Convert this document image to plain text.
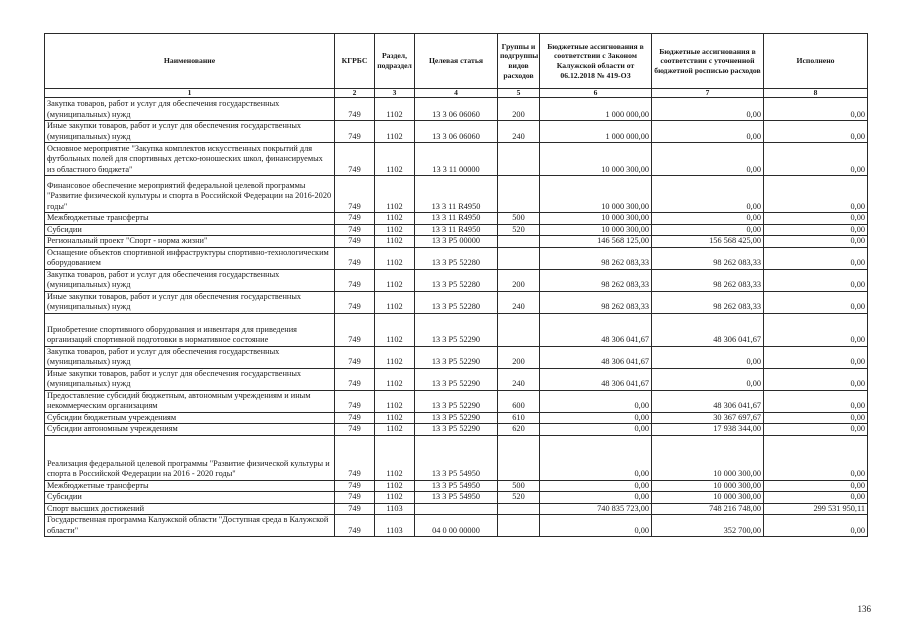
Наименование	КГРБС	Раздел, подраздел	Целевая статья	Группы и подгруппы видов расходов	Бюджетные ассигнования в соответствии с Законом Калужской области от 06.12.2018 № 419-ОЗ	Бюджетные ассигнования в соответствии с уточненной бюджетной росписью расходов	Исполнено
1	2	3	4	5	6	7	8
Закупка товаров, работ и услуг для обеспечения государственных (муниципальных) нужд	749	1102	13 3 06 06060	200	1 000 000,00	0,00	0,00
Иные закупки товаров, работ и услуг для обеспечения государственных (муниципальных) нужд	749	1102	13 3 06 06060	240	1 000 000,00	0,00	0,00
Основное мероприятие "Закупка комплектов искусственных покрытий для футбольных полей для спортивных детско-юношеских школ, финансируемых из областного бюджета"	749	1102	13 3 11 00000		10 000 300,00	0,00	0,00
Финансовое обеспечение мероприятий федеральной целевой программы "Развитие физической культуры и спорта в Российской Федерации на 2016-2020 годы"	749	1102	13 3 11 R4950		10 000 300,00	0,00	0,00
Межбюджетные трансферты	749	1102	13 3 11 R4950	500	10 000 300,00	0,00	0,00
Субсидии	749	1102	13 3 11 R4950	520	10 000 300,00	0,00	0,00
Региональный проект "Спорт - норма жизни"	749	1102	13 3 P5 00000		146 568 125,00	156 568 425,00	0,00
Оснащение объектов спортивной инфраструктуры спортивно-технологическим оборудованием	749	1102	13 3 P5 52280		98 262 083,33	98 262 083,33	0,00
Закупка товаров, работ и услуг для обеспечения государственных (муниципальных) нужд	749	1102	13 3 P5 52280	200	98 262 083,33	98 262 083,33	0,00
Иные закупки товаров, работ и услуг для обеспечения государственных (муниципальных) нужд	749	1102	13 3 P5 52280	240	98 262 083,33	98 262 083,33	0,00
Приобретение спортивного оборудования и инвентаря для приведения организаций спортивной подготовки в нормативное состояние	749	1102	13 3 P5 52290		48 306 041,67	48 306 041,67	0,00
Закупка товаров, работ и услуг для обеспечения государственных (муниципальных) нужд	749	1102	13 3 P5 52290	200	48 306 041,67	0,00	0,00
Иные закупки товаров, работ и услуг для обеспечения государственных (муниципальных) нужд	749	1102	13 3 P5 52290	240	48 306 041,67	0,00	0,00
Предоставление субсидий бюджетным, автономным учреждениям и иным некоммерческим организациям	749	1102	13 3 P5 52290	600	0,00	48 306 041,67	0,00
Субсидии бюджетным учреждениям	749	1102	13 3 P5 52290	610	0,00	30 367 697,67	0,00
Субсидии автономным учреждениям	749	1102	13 3 P5 52290	620	0,00	17 938 344,00	0,00
Реализация федеральной целевой программы "Развитие физической культуры и спорта в Российской Федерации на 2016 - 2020 годы"	749	1102	13 3 P5 54950		0,00	10 000 300,00	0,00
Межбюджетные трансферты	749	1102	13 3 P5 54950	500	0,00	10 000 300,00	0,00
Субсидии	749	1102	13 3 P5 54950	520	0,00	10 000 300,00	0,00
Спорт высших достижений	749	1103			740 835 723,00	748 216 748,00	299 531 950,11
Государственная программа Калужской области "Доступная среда в Калужской области"	749	1103	04 0 00 00000		0,00	352 700,00	0,00
136
